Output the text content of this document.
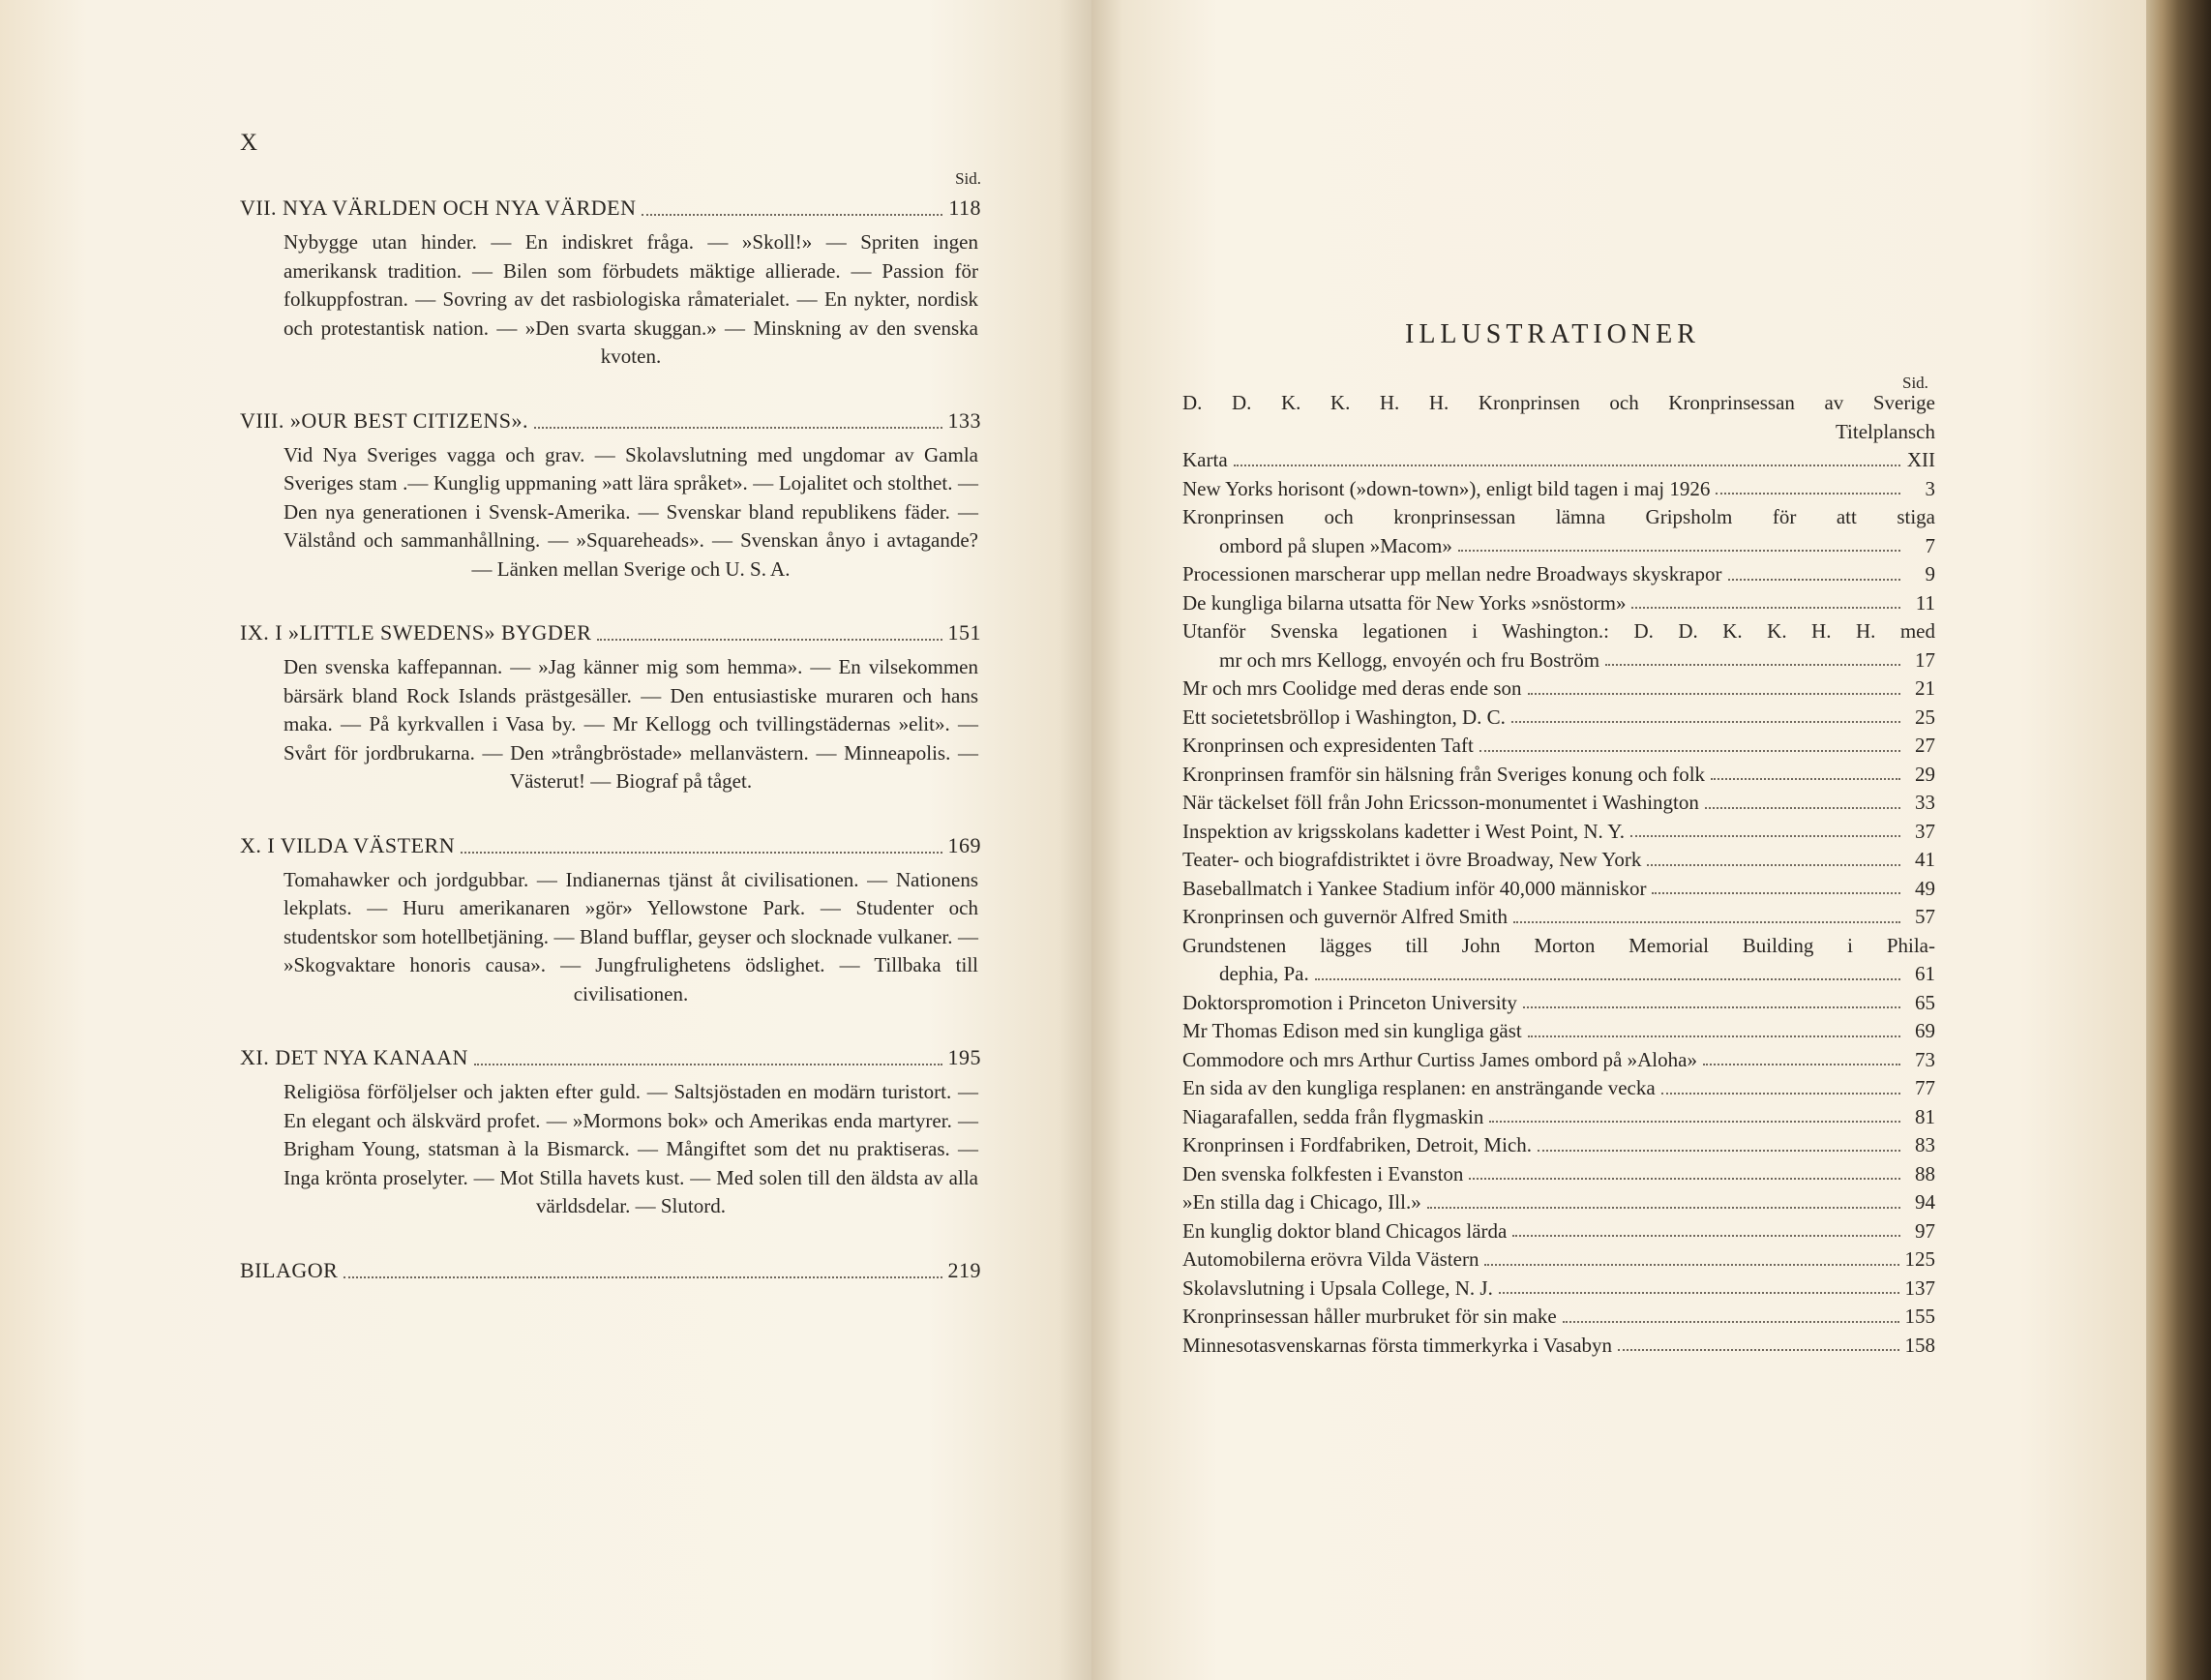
X
Sid.
VII. NYA VÄRLDEN OCH NYA VÄRDEN	118
Nybygge utan hinder. — En indiskret fråga. — »Skoll!» — Spriten ingen amerikansk tradition. — Bilen som förbudets mäktige allierade. — Passion för folkuppfostran. — Sovring av det rasbiologiska råmaterialet. — En nykter, nordisk och protestantisk nation. — »Den svarta skuggan.» — Minskning av den svenska kvoten.
VIII. »OUR BEST CITIZENS».	133
Vid Nya Sveriges vagga och grav. — Skolavslutning med ungdomar av Gamla Sveriges stam .— Kunglig uppmaning »att lära språket». — Lojalitet och stolthet. — Den nya generationen i Svensk-Amerika. — Svenskar bland republikens fäder. — Välstånd och sammanhållning. — »Squareheads». — Svenskan ånyo i avtagande? — Länken mellan Sverige och U. S. A.
IX. I »LITTLE SWEDENS» BYGDER	151
Den svenska kaffepannan. — »Jag känner mig som hemma». — En vilsekommen bärsärk bland Rock Islands prästgesäller. — Den entusiastiske muraren och hans maka. — På kyrkvallen i Vasa by. — Mr Kellogg och tvillingstädernas »elit». — Svårt för jordbrukarna. — Den »trångbröstade» mellanvästern. — Minneapolis. — Västerut! — Biograf på tåget.
X. I VILDA VÄSTERN	169
Tomahawker och jordgubbar. — Indianernas tjänst åt civilisationen. — Nationens lekplats. — Huru amerikanaren »gör» Yellowstone Park. — Studenter och studentskor som hotellbetjäning. — Bland bufflar, geyser och slocknade vulkaner. — »Skogvaktare honoris causa». — Jungfrulighetens ödslighet. — Tillbaka till civilisationen.
XI. DET NYA KANAAN	195
Religiösa förföljelser och jakten efter guld. — Saltsjöstaden en modärn turistort. — En elegant och älskvärd profet. — »Mormons bok» och Amerikas enda martyrer. — Brigham Young, statsman à la Bismarck. — Mångiftet som det nu praktiseras. — Inga krönta proselyter. — Mot Stilla havets kust. — Med solen till den äldsta av alla världsdelar. — Slutord.
BILAGOR	219
ILLUSTRATIONER
Sid.
D. D. K. K. H. H. Kronprinsen och Kronprinsessan av Sverige
Titelplansch
Karta	XII
New Yorks horisont (»down-town»), enligt bild tagen i maj 1926	3
Kronprinsen och kronprinsessan lämna Gripsholm för att stiga
ombord på slupen »Macom»	7
Processionen marscherar upp mellan nedre Broadways skyskrapor	9
De kungliga bilarna utsatta för New Yorks »snöstorm»	11
Utanför Svenska legationen i Washington.: D. D. K. K. H. H. med
mr och mrs Kellogg, envoyén och fru Boström	17
Mr och mrs Coolidge med deras ende son	21
Ett societetsbröllop i Washington, D. C.	25
Kronprinsen och expresidenten Taft	27
Kronprinsen framför sin hälsning från Sveriges konung och folk	29
När täckelset föll från John Ericsson-monumentet i Washington	33
Inspektion av krigsskolans kadetter i West Point, N. Y.	37
Teater- och biografdistriktet i övre Broadway, New York	41
Baseballmatch i Yankee Stadium inför 40,000 människor	49
Kronprinsen och guvernör Alfred Smith	57
Grundstenen lägges till John Morton Memorial Building i Phila-
dephia, Pa.	61
Doktorspromotion i Princeton University	65
Mr Thomas Edison med sin kungliga gäst	69
Commodore och mrs Arthur Curtiss James ombord på »Aloha»	73
En sida av den kungliga resplanen: en ansträngande vecka	77
Niagarafallen, sedda från flygmaskin	81
Kronprinsen i Fordfabriken, Detroit, Mich.	83
Den svenska folkfesten i Evanston	88
»En stilla dag i Chicago, Ill.»	94
En kunglig doktor bland Chicagos lärda	97
Automobilerna erövra Vilda Västern	125
Skolavslutning i Upsala College, N. J.	137
Kronprinsessan håller murbruket för sin make	155
Minnesotasvenskarnas första timmerkyrka i Vasabyn	158
